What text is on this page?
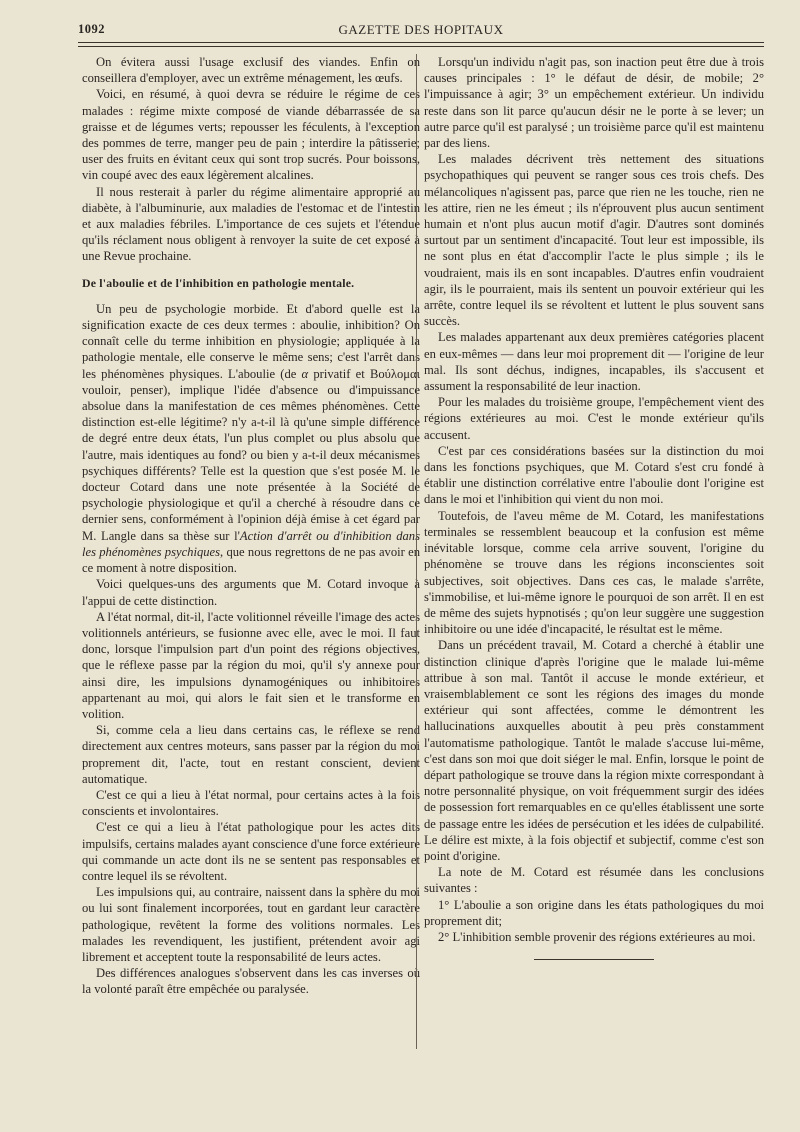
1092	GAZETTE DES HOPITAUX

On évitera aussi l'usage exclusif des viandes. Enfin on conseillera d'employer, avec un extrême ménagement, les œufs.

Voici, en résumé, à quoi devra se réduire le régime de ces malades : régime mixte composé de viande débarrassée de sa graisse et de légumes verts; repousser les féculents, à l'exception des pommes de terre, manger peu de pain ; interdire la pâtisserie; user des fruits en évitant ceux qui sont trop sucrés. Pour boissons, vin coupé avec des eaux légèrement alcalines.

Il nous resterait à parler du régime alimentaire approprié au diabète, à l'albuminurie, aux maladies de l'estomac et de l'intestin et aux maladies fébriles. L'importance de ces sujets et l'étendue qu'ils réclament nous obligent à renvoyer la suite de cet exposé à une Revue prochaine.

De l'aboulie et de l'inhibition en pathologie mentale.

Un peu de psychologie morbide. Et d'abord quelle est la signification exacte de ces deux termes : aboulie, inhibition? On connaît celle du terme inhibition en physiologie; appliquée à la pathologie mentale, elle conserve le même sens; c'est l'arrêt dans les phénomènes physiques. L'aboulie (de α privatif et Βούλομαι vouloir, penser), implique l'idée d'absence ou d'impuissance absolue dans la manifestation de ces mêmes phénomènes. Cette distinction est-elle légitime? n'y a-t-il là qu'une simple différence de degré entre deux états, l'un plus complet ou plus absolu que l'autre, mais identiques au fond? ou bien y a-t-il deux mécanismes psychiques différents? Telle est la question que s'est posée M. le docteur Cotard dans une note présentée à la Société de psychologie physiologique et qu'il a cherché à résoudre dans ce dernier sens, conformément à l'opinion déjà émise à cet égard par M. Langle dans sa thèse sur l'Action d'arrêt ou d'inhibition dans les phénomènes psychiques, que nous regrettons de ne pas avoir en ce moment à notre disposition.

Voici quelques-uns des arguments que M. Cotard invoque à l'appui de cette distinction.

A l'état normal, dit-il, l'acte volitionnel réveille l'image des actes volitionnels antérieurs, se fusionne avec elle, avec le moi. Il faut donc, lorsque l'impulsion part d'un point des régions objectives, que le réflexe passe par la région du moi, qu'il s'y annexe pour ainsi dire, les impulsions dynamogéniques ou inhibitoires appartenant au moi, qui alors le fait sien et le transforme en volition.

Si, comme cela a lieu dans certains cas, le réflexe se rend directement aux centres moteurs, sans passer par la région du moi proprement dit, l'acte, tout en restant conscient, devient automatique.

C'est ce qui a lieu à l'état normal, pour certains actes à la fois conscients et involontaires.

C'est ce qui a lieu à l'état pathologique pour les actes dits impulsifs, certains malades ayant conscience d'une force extérieure qui commande un acte dont ils ne se sentent pas responsables et contre lequel ils se révoltent.

Les impulsions qui, au contraire, naissent dans la sphère du moi ou lui sont finalement incorporées, tout en gardant leur caractère pathologique, revêtent la forme des volitions normales. Les malades les revendiquent, les justifient, prétendent avoir agi librement et acceptent toute la responsabilité de leurs actes.

Des différences analogues s'observent dans les cas inverses où la volonté paraît être empêchée ou paralysée.

Lorsqu'un individu n'agit pas, son inaction peut être due à trois causes principales : 1° le défaut de désir, de mobile; 2° l'impuissance à agir; 3° un empêchement extérieur. Un individu reste dans son lit parce qu'aucun désir ne le porte à se lever; un autre parce qu'il est paralysé ; un troisième parce qu'il est maintenu par des liens.

Les malades décrivent très nettement des situations psychopathiques qui peuvent se ranger sous ces trois chefs. Des mélancoliques n'agissent pas, parce que rien ne les touche, rien ne les attire, rien ne les émeut ; ils n'éprouvent plus aucun sentiment humain et n'ont plus aucun motif d'agir. D'autres sont dominés surtout par un sentiment d'incapacité. Tout leur est impossible, ils ne sont plus en état d'accomplir l'acte le plus simple ; ils le voudraient, mais ils en sont incapables. D'autres enfin voudraient agir, ils le pourraient, mais ils sentent un pouvoir extérieur qui les arrête, contre lequel ils se révoltent et luttent le plus souvent sans succès.

Les malades appartenant aux deux premières catégories placent en eux-mêmes — dans leur moi proprement dit — l'origine de leur mal. Ils sont déchus, indignes, incapables, ils s'accusent et assument la responsabilité de leur inaction.

Pour les malades du troisième groupe, l'empêchement vient des régions extérieures au moi. C'est le monde extérieur qu'ils accusent.

C'est par ces considérations basées sur la distinction du moi dans les fonctions psychiques, que M. Cotard s'est cru fondé à établir une distinction corrélative entre l'aboulie dont l'origine est dans le moi et l'inhibition qui vient du non moi.

Toutefois, de l'aveu même de M. Cotard, les manifestations terminales se ressemblent beaucoup et la confusion est même inévitable lorsque, comme cela arrive souvent, l'origine du phénomène se trouve dans les régions inconscientes soit subjectives, soit objectives. Dans ces cas, le malade s'arrête, s'immobilise, et lui-même ignore le pourquoi de son arrêt. Il en est de même des sujets hypnotisés ; qu'on leur suggère une suggestion inhibitoire ou une idée d'incapacité, le résultat est le même.

Dans un précédent travail, M. Cotard a cherché à établir une distinction clinique d'après l'origine que le malade lui-même attribue à son mal. Tantôt il accuse le monde extérieur, et vraisemblablement ce sont les régions des images du monde extérieur qui sont affectées, comme le démontrent les hallucinations auxquelles aboutit à peu près constamment l'automatisme pathologique. Tantôt le malade s'accuse lui-même, c'est dans son moi que doit siéger le mal. Enfin, lorsque le point de départ pathologique se trouve dans la région mixte correspondant à notre personnalité physique, on voit fréquemment surgir des idées de possession fort remarquables en ce qu'elles établissent une sorte de passage entre les idées de persécution et les idées de culpabilité. Le délire est mixte, à la fois objectif et subjectif, comme c'est son point d'origine.

La note de M. Cotard est résumée dans les conclusions suivantes :

1° L'aboulie a son origine dans les états pathologiques du moi proprement dit;

2° L'inhibition semble provenir des régions extérieures au moi.
